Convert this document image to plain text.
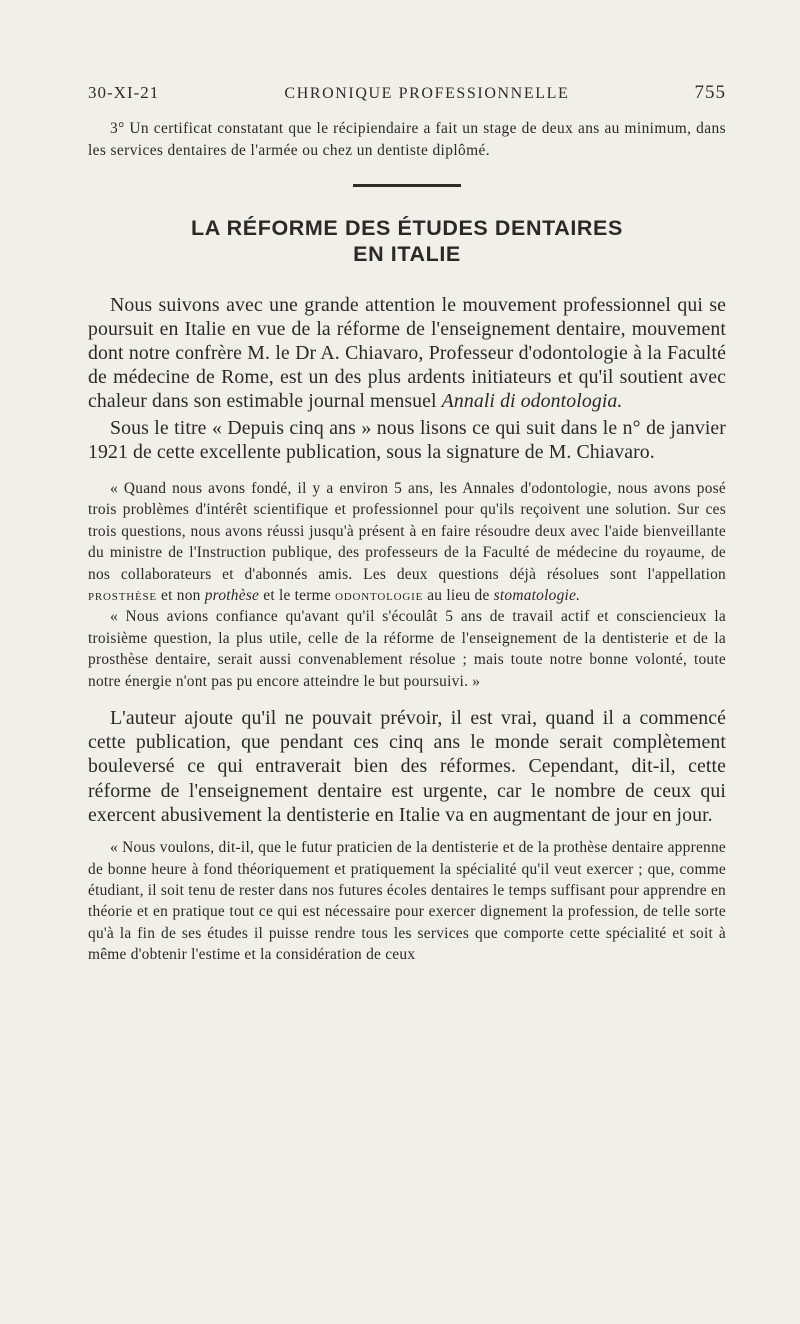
30-XI-21	CHRONIQUE PROFESSIONNELLE	755

3° Un certificat constatant que le récipiendaire a fait un stage de deux ans au minimum, dans les services dentaires de l'armée ou chez un dentiste diplômé.

LA RÉFORME DES ÉTUDES DENTAIRES
EN ITALIE

Nous suivons avec une grande attention le mouvement professionnel qui se poursuit en Italie en vue de la réforme de l'enseignement dentaire, mouvement dont notre confrère M. le Dr A. Chiavaro, Professeur d'odontologie à la Faculté de médecine de Rome, est un des plus ardents initiateurs et qu'il soutient avec chaleur dans son estimable journal mensuel Annali di odontologia.

Sous le titre « Depuis cinq ans » nous lisons ce qui suit dans le n° de janvier 1921 de cette excellente publication, sous la signature de M. Chiavaro.

« Quand nous avons fondé, il y a environ 5 ans, les Annales d'odontologie, nous avons posé trois problèmes d'intérêt scientifique et professionnel pour qu'ils reçoivent une solution. Sur ces trois questions, nous avons réussi jusqu'à présent à en faire résoudre deux avec l'aide bienveillante du ministre de l'Instruction publique, des professeurs de la Faculté de médecine du royaume, de nos collaborateurs et d'abonnés amis. Les deux questions déjà résolues sont l'appellation prosthèse et non prothèse et le terme odontologie au lieu de stomatologie.

« Nous avions confiance qu'avant qu'il s'écoulât 5 ans de travail actif et consciencieux la troisième question, la plus utile, celle de la réforme de l'enseignement de la dentisterie et de la prosthèse dentaire, serait aussi convenablement résolue ; mais toute notre bonne volonté, toute notre énergie n'ont pas pu encore atteindre le but poursuivi. »

L'auteur ajoute qu'il ne pouvait prévoir, il est vrai, quand il a commencé cette publication, que pendant ces cinq ans le monde serait complètement bouleversé ce qui entraverait bien des réformes. Cependant, dit-il, cette réforme de l'enseignement dentaire est urgente, car le nombre de ceux qui exercent abusivement la dentisterie en Italie va en augmentant de jour en jour.

« Nous voulons, dit-il, que le futur praticien de la dentisterie et de la prothèse dentaire apprenne de bonne heure à fond théoriquement et pratiquement la spécialité qu'il veut exercer ; que, comme étudiant, il soit tenu de rester dans nos futures écoles dentaires le temps suffisant pour apprendre en théorie et en pratique tout ce qui est nécessaire pour exercer dignement la profession, de telle sorte qu'à la fin de ses études il puisse rendre tous les services que comporte cette spécialité et soit à même d'obtenir l'estime et la considération de ceux
